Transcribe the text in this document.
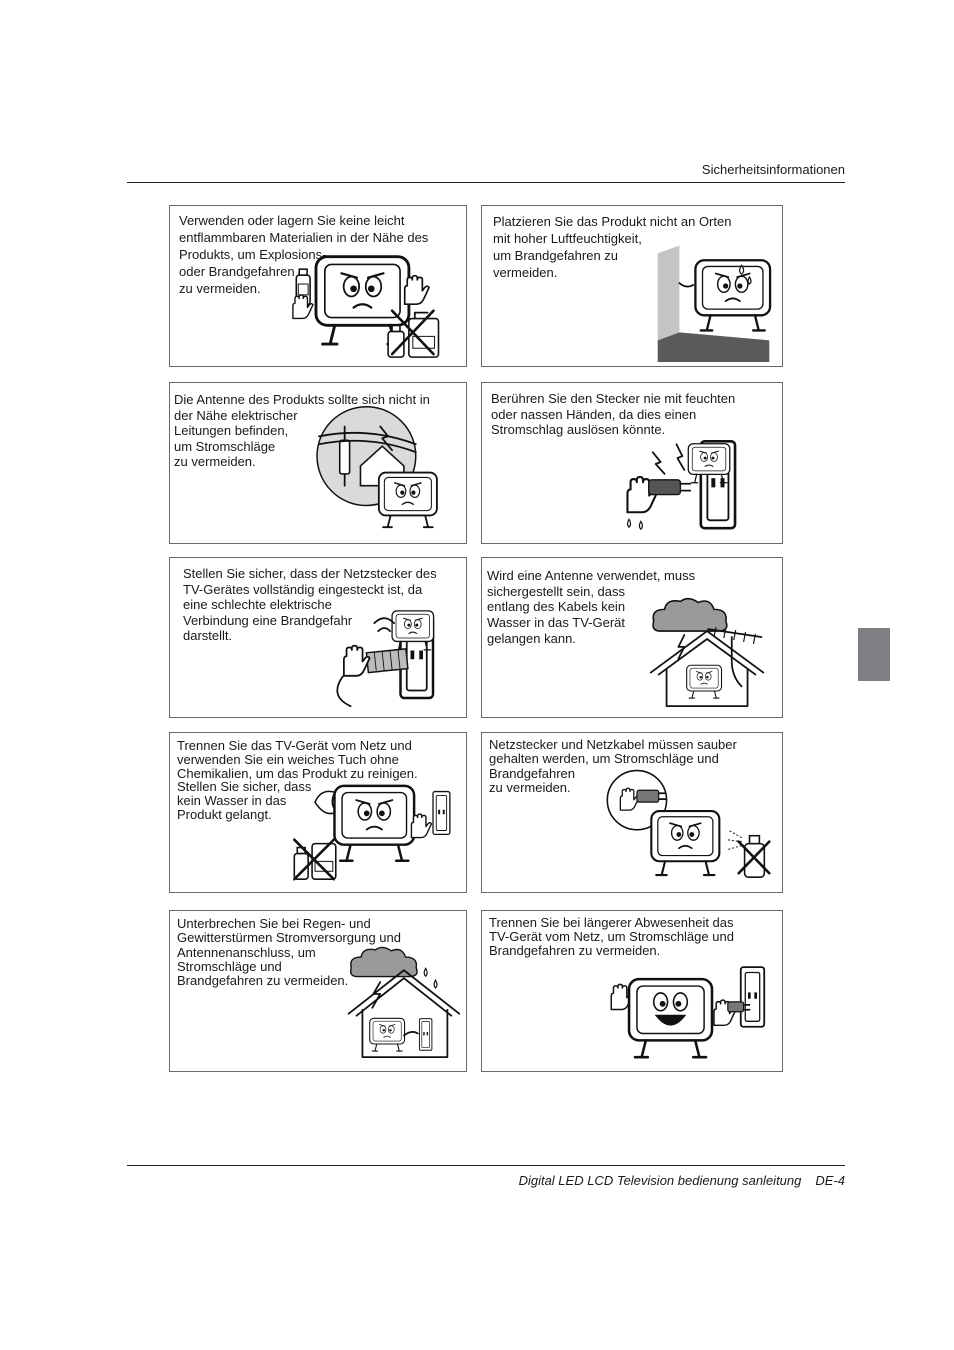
Sicherheitsinformationen
Verwenden oder lagern Sie keine leicht
entflammbaren Materialien in der Nähe des
Produkts, um Explosions-
oder Brandgefahren
zu vermeiden.
Platzieren Sie das Produkt nicht an Orten
mit hoher Luftfeuchtigkeit,
um Brandgefahren zu
vermeiden.
Die Antenne des Produkts sollte sich nicht in
der Nähe elektrischer
Leitungen befinden,
um Stromschläge
zu vermeiden.
Berühren Sie den Stecker nie mit feuchten
oder nassen Händen, da dies einen
Stromschlag auslösen könnte.
Stellen Sie sicher, dass der Netzstecker des
TV-Gerätes vollständig eingesteckt ist, da
eine schlechte elektrische
Verbindung eine Brandgefahr
darstellt.
Wird eine Antenne verwendet, muss
sichergestellt sein, dass
entlang des Kabels kein
Wasser in das TV-Gerät
gelangen kann.
Trennen Sie das TV-Gerät vom Netz und
verwenden Sie ein weiches Tuch ohne
Chemikalien, um das Produkt zu reinigen.
Stellen Sie sicher, dass
kein Wasser in das
Produkt gelangt.
Netzstecker und Netzkabel müssen sauber
gehalten werden, um Stromschläge und
Brandgefahren
zu vermeiden.
Unterbrechen Sie bei Regen- und
Gewitterstürmen Stromversorgung und
Antennenanschluss, um
Stromschläge und
Brandgefahren zu vermeiden.
Trennen Sie bei längerer Abwesenheit das
TV-Gerät vom Netz, um Stromschläge und
Brandgefahren zu vermeiden.
Digital LED LCD Television bedienung sanleitung DE-4
